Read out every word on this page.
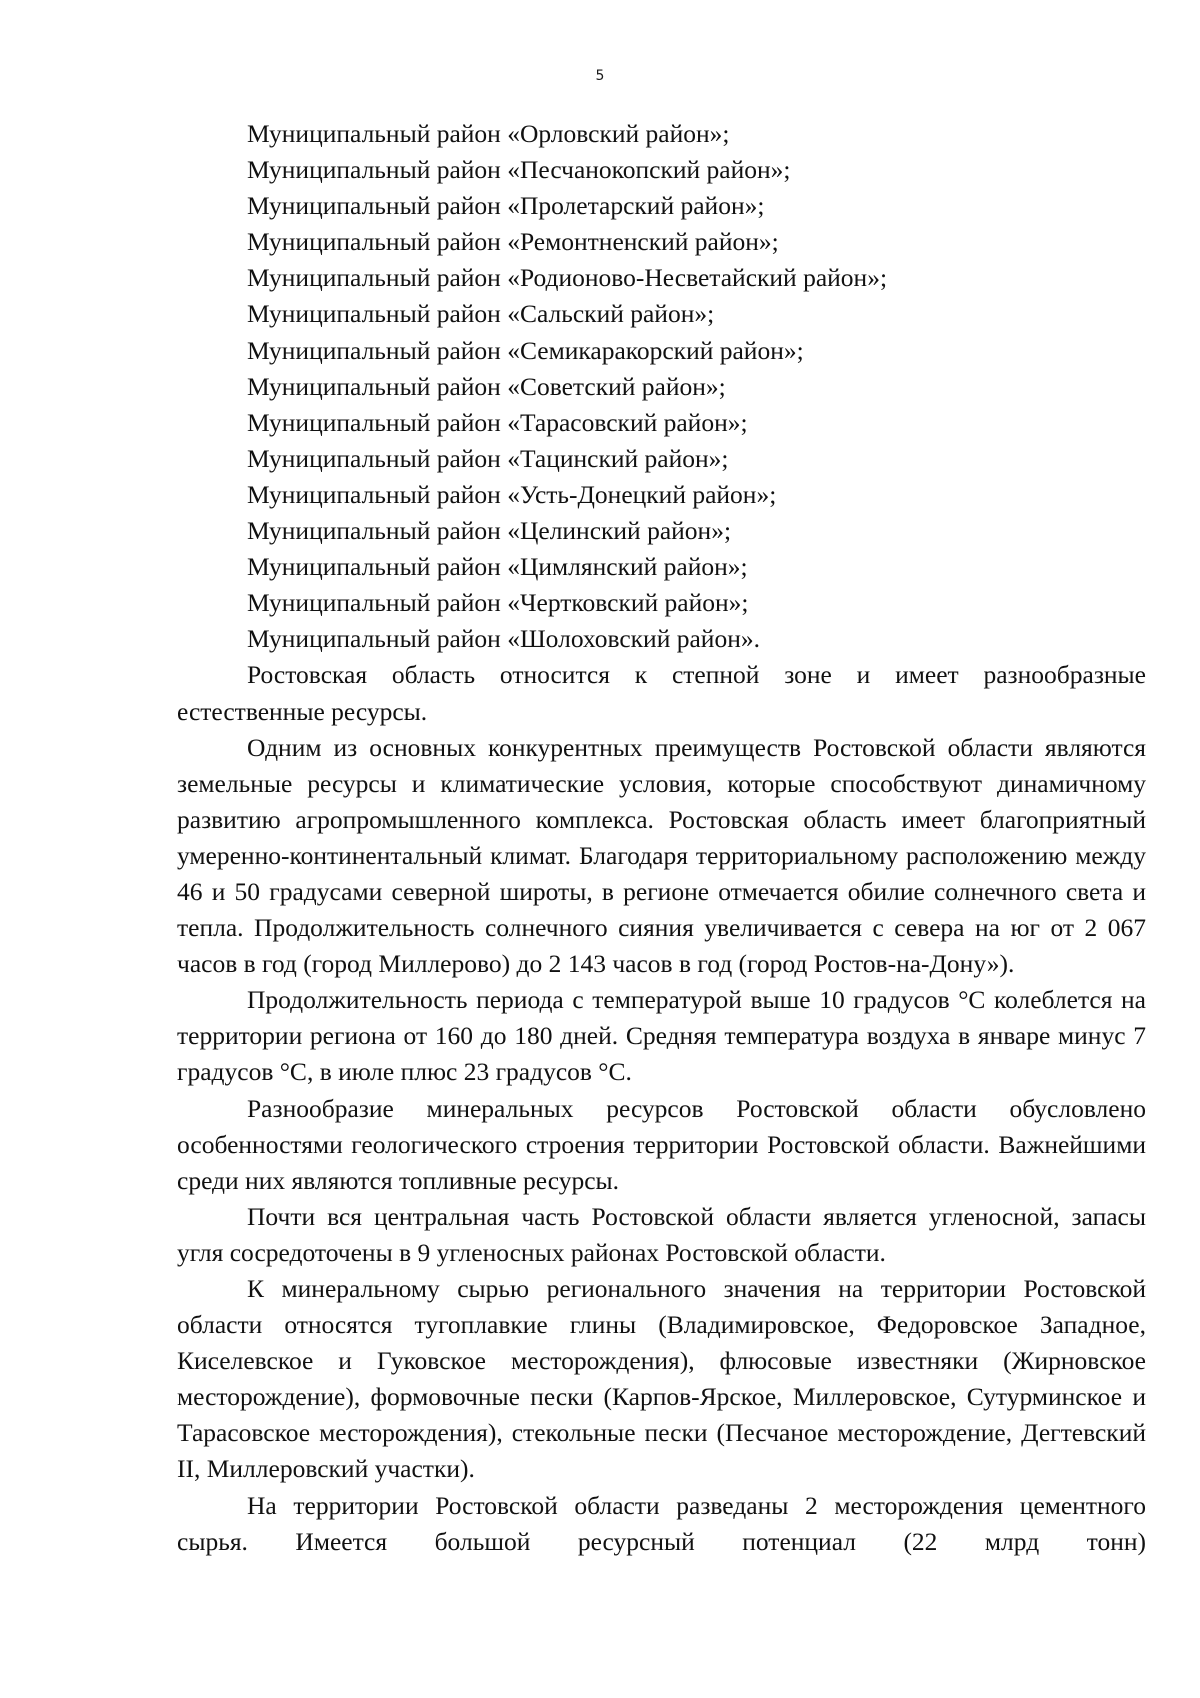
5

Муниципальный район «Орловский район»;

Муниципальный район «Песчанокопский район»;

Муниципальный район «Пролетарский район»;

Муниципальный район «Ремонтненский район»;

Муниципальный район «Родионово-Несветайский район»;

Муниципальный район «Сальский район»;

Муниципальный район «Семикаракорский район»;

Муниципальный район «Советский район»;

Муниципальный район «Тарасовский район»;

Муниципальный район «Тацинский район»;

Муниципальный район «Усть-Донецкий район»;

Муниципальный район «Целинский район»;

Муниципальный район «Цимлянский район»;

Муниципальный район «Чертковский район»;

Муниципальный район «Шолоховский район».

Ростовская область относится к степной зоне и имеет разнообразные естественные ресурсы.

Одним из основных конкурентных преимуществ Ростовской области являются земельные ресурсы и климатические условия, которые способствуют динамичному развитию агропромышленного комплекса. Ростовская область имеет благоприятный умеренно-континентальный климат. Благодаря территориальному расположению между 46 и 50 градусами северной широты, в регионе отмечается обилие солнечного света и тепла. Продолжительность солнечного сияния увеличивается с севера на юг от 2 067 часов в год (город Миллерово) до 2 143 часов в год (город Ростов-на-Дону»).

Продолжительность периода с температурой выше 10 градусов °С колеблется на территории региона от 160 до 180 дней. Средняя температура воздуха в январе минус 7 градусов °С, в июле плюс 23 градусов °С.

Разнообразие минеральных ресурсов Ростовской области обусловлено особенностями геологического строения территории Ростовской области. Важнейшими среди них являются топливные ресурсы.

Почти вся центральная часть Ростовской области является угленосной, запасы угля сосредоточены в 9 угленосных районах Ростовской области.

К минеральному сырью регионального значения на территории Ростовской области относятся тугоплавкие глины (Владимировское, Федоровское Западное, Киселевское и Гуковское месторождения), флюсовые известняки (Жирновское месторождение), формовочные пески (Карпов-Ярское, Миллеровское, Сутурминское и Тарасовское месторождения), стекольные пески (Песчаное месторождение, Дегтевский II, Миллеровский участки).

На территории Ростовской области разведаны 2 месторождения цементного сырья. Имеется большой ресурсный потенциал (22 млрд тонн)
